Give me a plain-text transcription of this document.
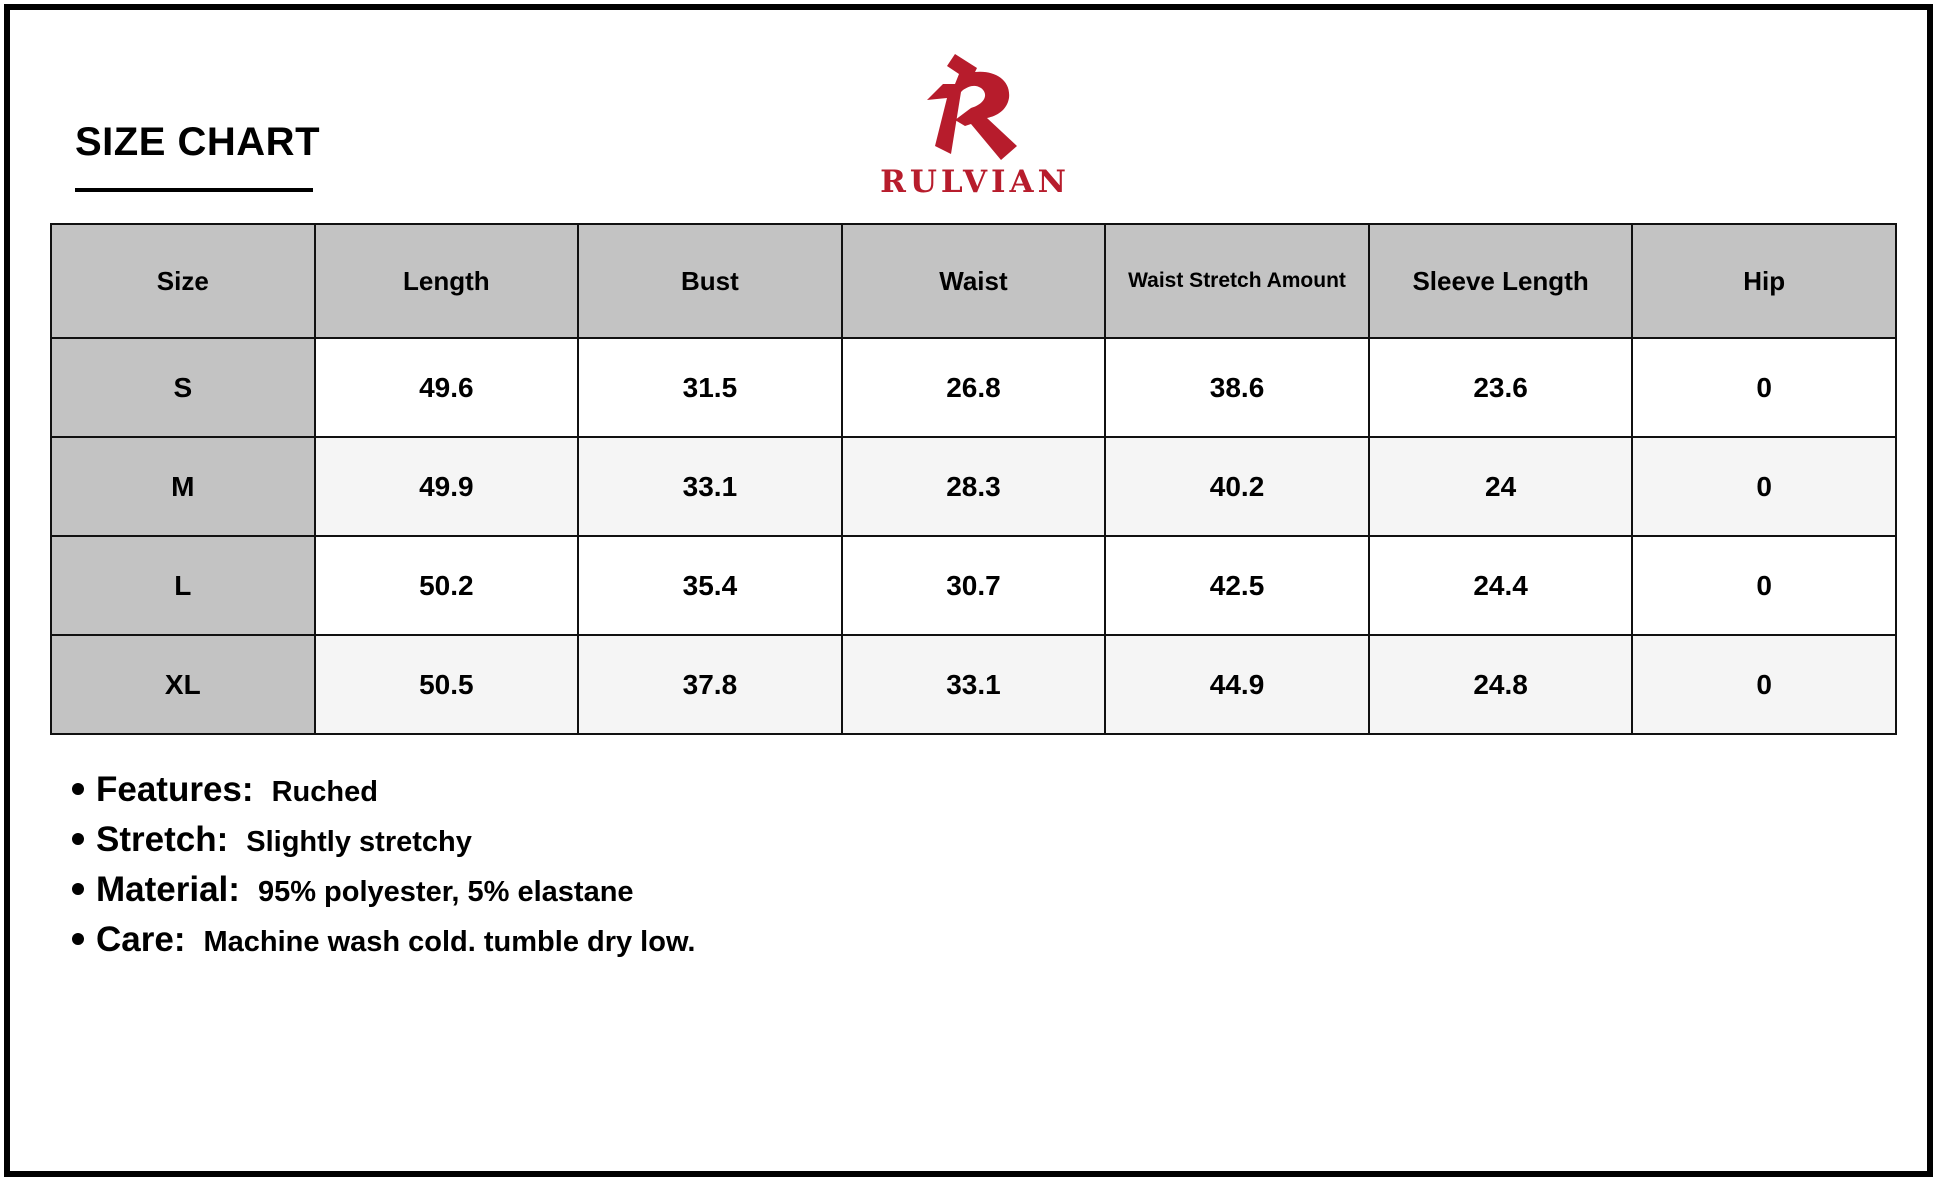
SIZE CHART
RULVIAN
Size	Length	Bust	Waist	Waist Stretch Amount	Sleeve Length	Hip
S	49.6	31.5	26.8	38.6	23.6	0
M	49.9	33.1	28.3	40.2	24	0
L	50.2	35.4	30.7	42.5	24.4	0
XL	50.5	37.8	33.1	44.9	24.8	0
Features: Ruched
Stretch: Slightly stretchy
Material: 95% polyester, 5% elastane
Care: Machine wash cold. tumble dry low.
